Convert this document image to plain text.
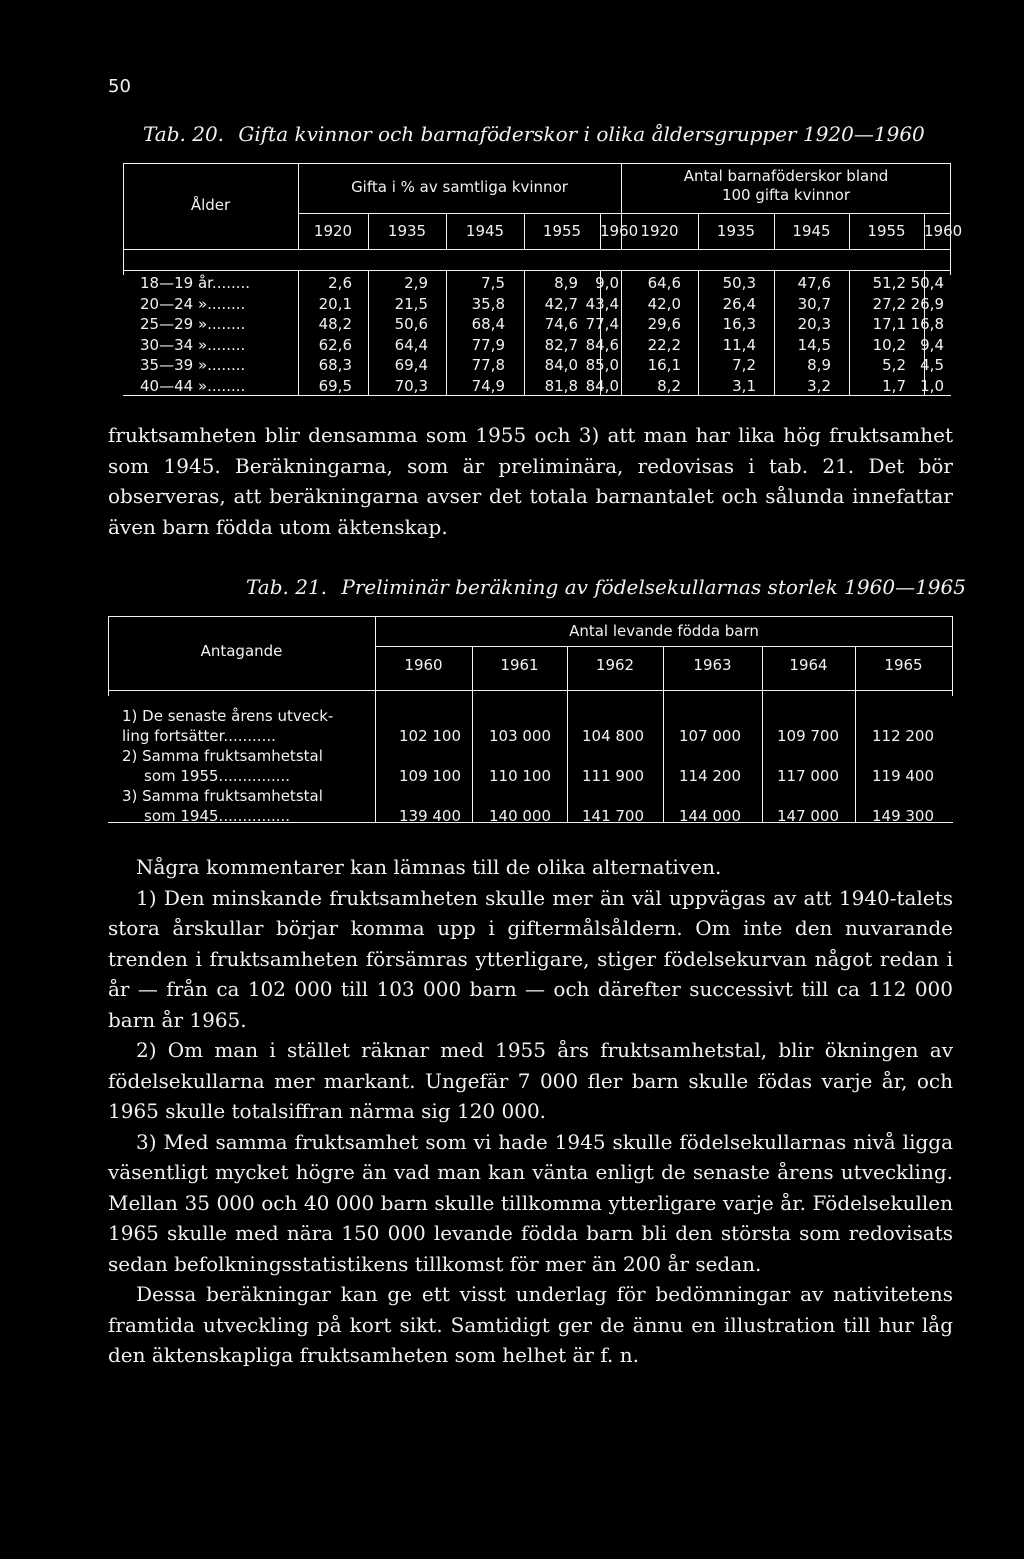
50
Tab. 20. Gifta kvinnor och barnaföderskor i olika åldersgrupper 1920—1960
Ålder
Gifta i % av samtliga kvinnor
Antal barnaföderskor bland
100 gifta kvinnor
1920	1935	1945	1955	1960 1920	1935	1945	1955	1960
18—19 år........	2,6	2,9	7,5	8,9	9,0	64,6	50,3	47,6	51,2 50,4
20—24 »........	20,1	21,5	35,8	42,7 43,4	42,0	26,4	30,7	27,2 26,9
25—29 »........	48,2	50,6	68,4	74,6 77,4	29,6	16,3	20,3	17,1 16,8
30—34 »........	62,6	64,4	77,9	82,7 84,6	22,2	11,4	14,5	10,2 9,4
35—39 »........	68,3	69,4	77,8	84,0 85,0	16,1	7,2	8,9	5,2 4,5
40—44 »........	69,5	70,3	74,9	81,8 84,0	8,2	3,1	3,2	1,7 1,0

fruktsamheten blir densamma som 1955 och 3) att man har lika hög fruktsamhet som 1945. Beräkningarna, som är preliminära, redovisas i tab. 21. Det bör observeras, att beräkningarna avser det totala barnantalet och sålunda innefattar även barn födda utom äktenskap.

Tab. 21. Preliminär beräkning av födelsekullarnas storlek 1960—1965
Antagande
Antal levande födda barn
1960	1961	1962	1963	1964	1965
1) De senaste årens utveck-
ling fortsätter...........	102 100	103 000	104 800	107 000	109 700	112 200
2) Samma fruktsamhetstal
som 1955...............	109 100	110 100	111 900	114 200	117 000	119 400
3) Samma fruktsamhetstal
som 1945...............	139 400	140 000	141 700	144 000	147 000	149 300

Några kommentarer kan lämnas till de olika alternativen.

1) Den minskande fruktsamheten skulle mer än väl uppvägas av att 1940-talets stora årskullar börjar komma upp i giftermålsåldern. Om inte den nuvarande trenden i fruktsamheten försämras ytterligare, stiger födelsekurvan något redan i år — från ca 102 000 till 103 000 barn — och därefter successivt till ca 112 000 barn år 1965.

2) Om man i stället räknar med 1955 års fruktsamhetstal, blir ökningen av födelsekullarna mer markant. Ungefär 7 000 fler barn skulle födas varje år, och 1965 skulle totalsiffran närma sig 120 000.

3) Med samma fruktsamhet som vi hade 1945 skulle födelsekullarnas nivå ligga väsentligt mycket högre än vad man kan vänta enligt de senaste årens utveckling. Mellan 35 000 och 40 000 barn skulle tillkomma ytterligare varje år. Födelsekullen 1965 skulle med nära 150 000 levande födda barn bli den största som redovisats sedan befolkningsstatistikens tillkomst för mer än 200 år sedan.

Dessa beräkningar kan ge ett visst underlag för bedömningar av nativitetens framtida utveckling på kort sikt. Samtidigt ger de ännu en illustration till hur låg den äktenskapliga fruktsamheten som helhet är f. n.
